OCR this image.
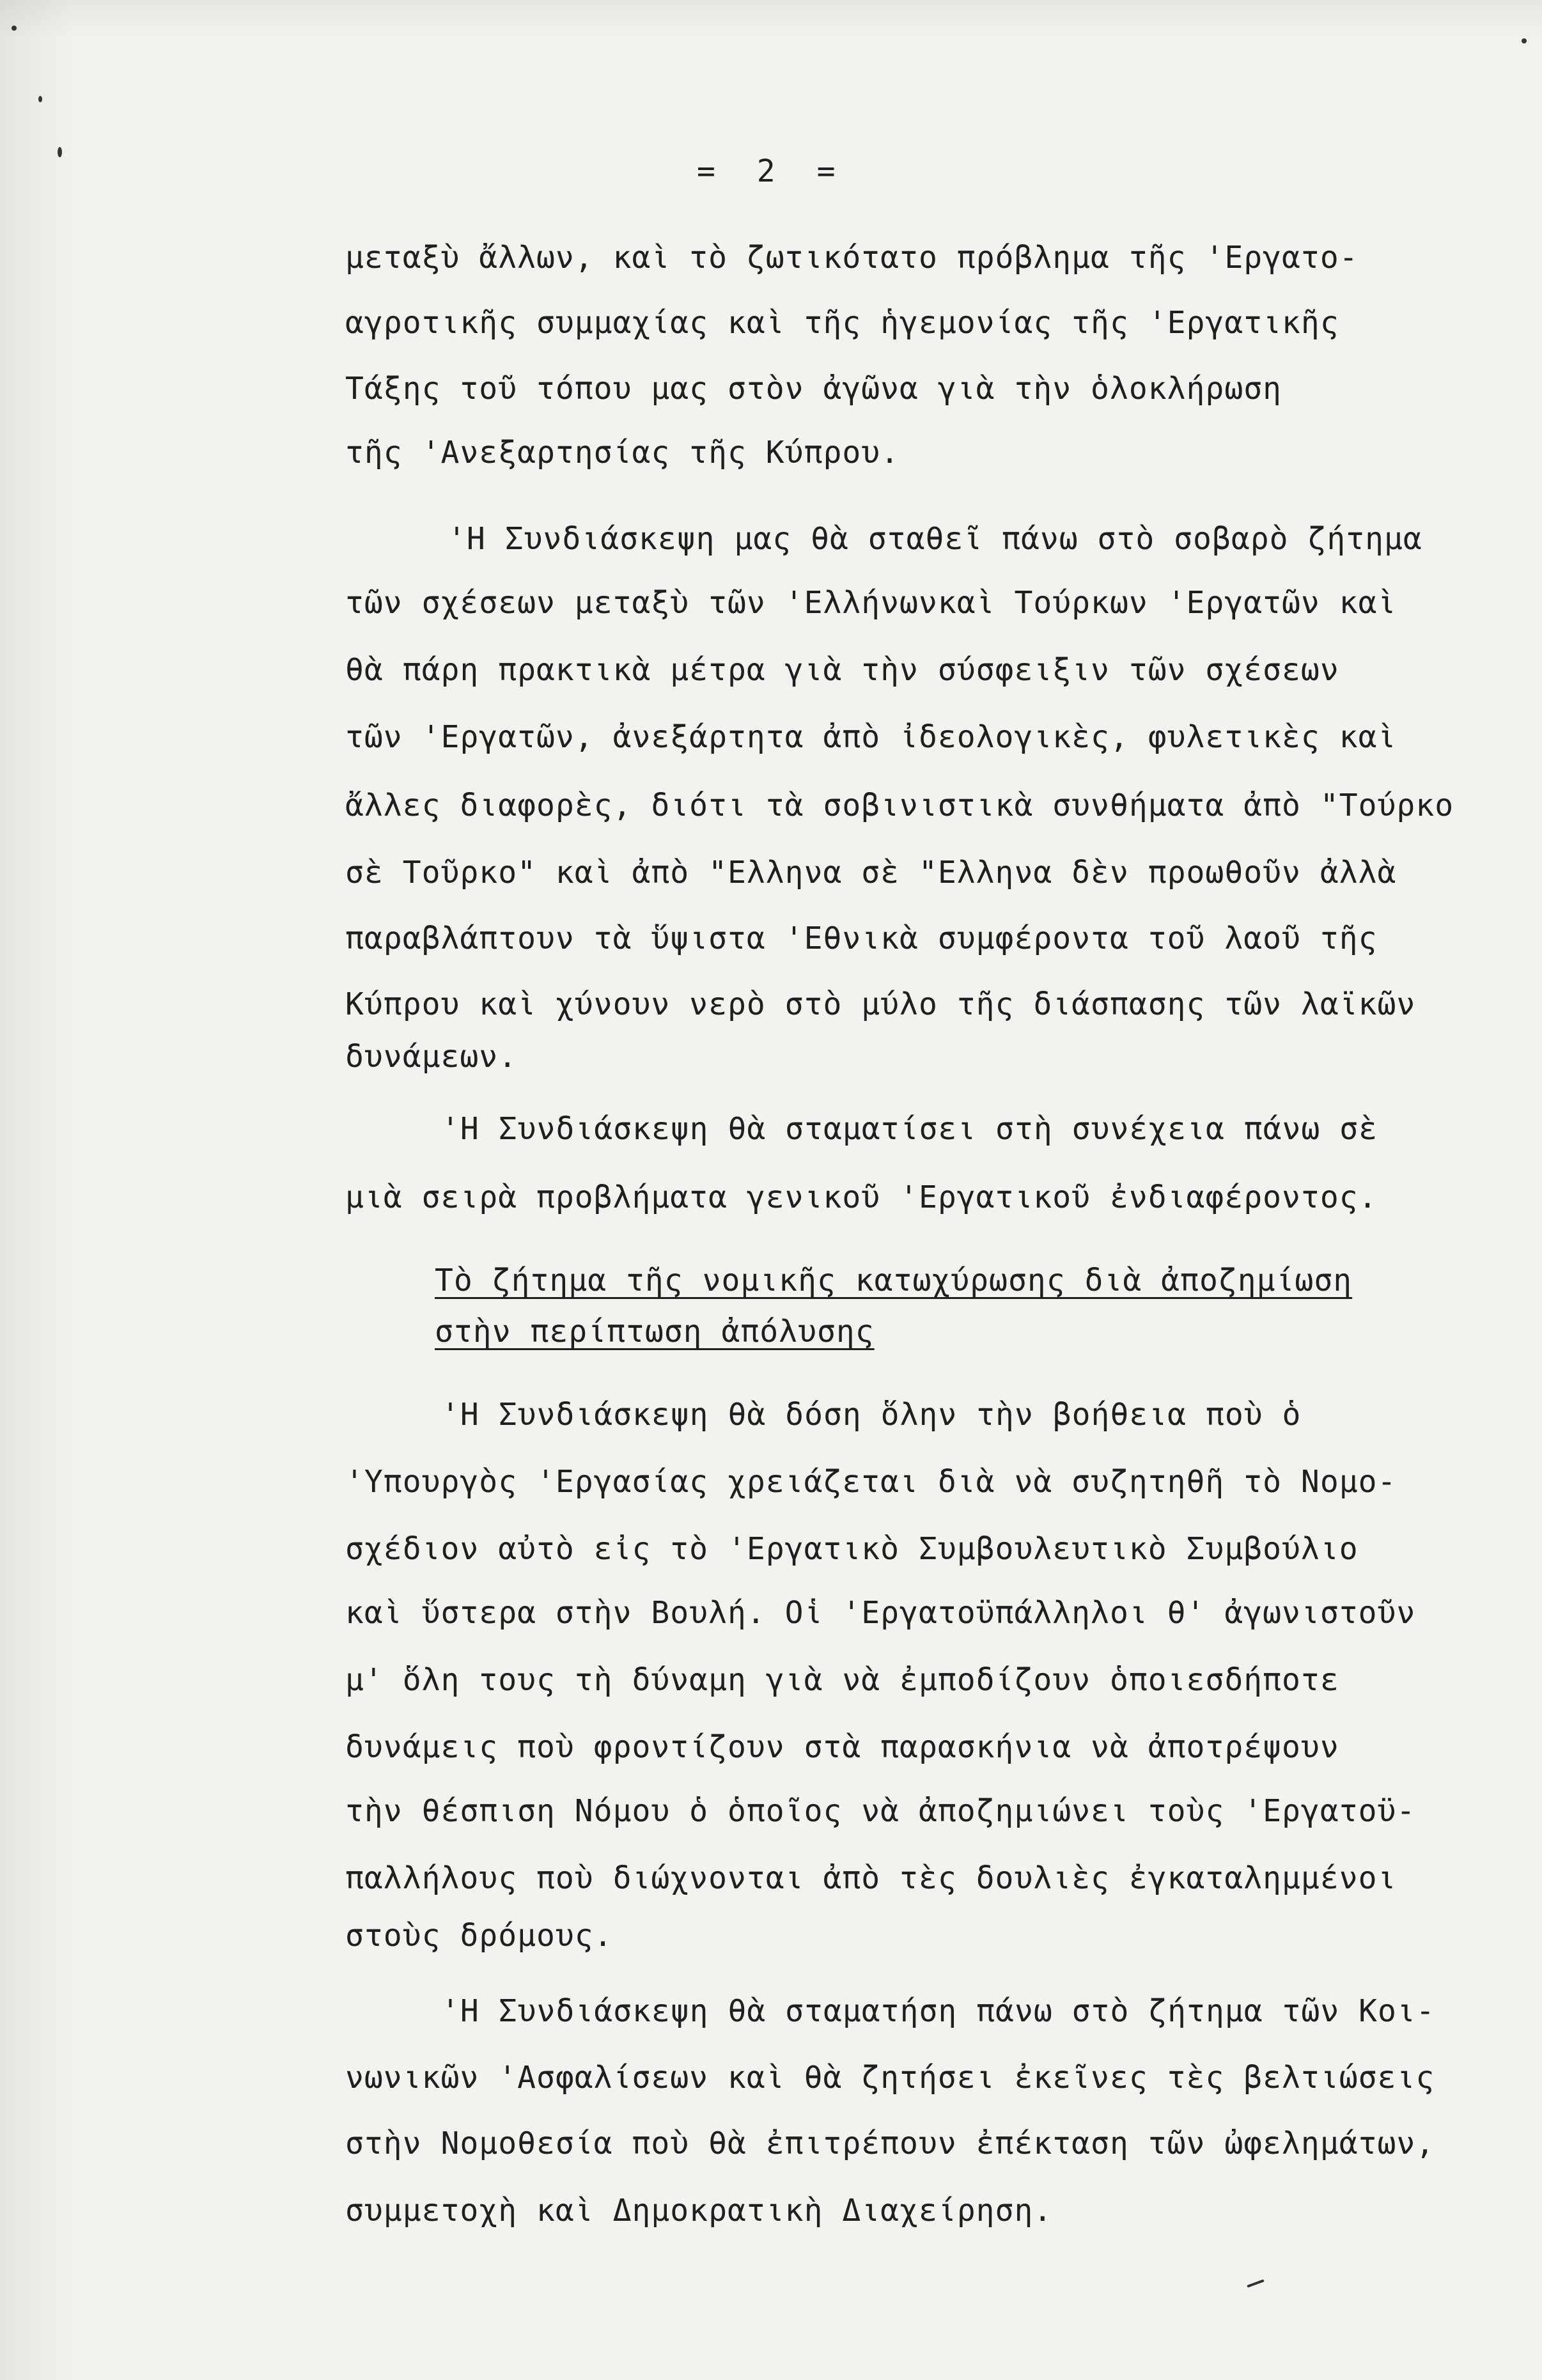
= 2 =
μεταξὺ ἄλλων, καὶ τὸ ζωτικότατο πρόβλημα τῆς 'Εργατο-
αγροτικῆς συμμαχίας καὶ τῆς ἡγεμονίας τῆς 'Εργατικῆς
Τάξης τοῦ τόπου μας στὸν ἀγῶνα γιὰ τὴν ὁλοκλήρωση
τῆς 'Ανεξαρτησίας τῆς Κύπρου.
'Η Συνδιάσκεψη μας θὰ σταθεῖ πάνω στὸ σοβαρὸ ζήτημα
τῶν σχέσεων μεταξὺ τῶν 'Ελλήνωνκαὶ Τούρκων 'Εργατῶν καὶ
θὰ πάρη πρακτικὰ μέτρα γιὰ τὴν σύσφειξιν τῶν σχέσεων
τῶν 'Εργατῶν, ἀνεξάρτητα ἀπὸ ἰδεολογικὲς, φυλετικὲς καὶ
ἄλλες διαφορὲς, διότι τὰ σοβινιστικὰ συνθήματα ἀπὸ "Τούρκο
σὲ Τοῦρκο" καὶ ἀπὸ "Ελληνα σὲ "Ελληνα δὲν προωθοῦν ἀλλὰ
παραβλάπτουν τὰ ὕψιστα 'Εθνικὰ συμφέροντα τοῦ λαοῦ τῆς
Κύπρου καὶ χύνουν νερὸ στὸ μύλο τῆς διάσπασης τῶν λαϊκῶν
δυνάμεων.
'Η Συνδιάσκεψη θὰ σταματίσει στὴ συνέχεια πάνω σὲ
μιὰ σειρὰ προβλήματα γενικοῦ 'Εργατικοῦ ἐνδιαφέροντος.
Τὸ ζήτημα τῆς νομικῆς κατωχύρωσης διὰ ἀποζημίωση
στὴν περίπτωση ἀπόλυσης
'Η Συνδιάσκεψη θὰ δόση ὅλην τὴν βοήθεια ποὺ ὁ
'Υπουργὸς 'Εργασίας χρειάζεται διὰ νὰ συζητηθῆ τὸ Νομο-
σχέδιον αὐτὸ εἰς τὸ 'Εργατικὸ Συμβουλευτικὸ Συμβούλιο
καὶ ὕστερα στὴν Βουλή. Οἱ 'Εργατοϋπάλληλοι θ' ἀγωνιστοῦν
μ' ὅλη τους τὴ δύναμη γιὰ νὰ ἐμποδίζουν ὁποιεσδήποτε
δυνάμεις ποὺ φροντίζουν στὰ παρασκήνια νὰ ἀποτρέψουν
τὴν θέσπιση Νόμου ὁ ὁποῖος νὰ ἀποζημιώνει τοὺς 'Εργατοϋ-
παλλήλους ποὺ διώχνονται ἀπὸ τὲς δουλιὲς ἐγκαταλημμένοι
στοὺς δρόμους.
'Η Συνδιάσκεψη θὰ σταματήση πάνω στὸ ζήτημα τῶν Κοι-
νωνικῶν 'Ασφαλίσεων καὶ θὰ ζητήσει ἐκεῖνες τὲς βελτιώσεις
στὴν Νομοθεσία ποὺ θὰ ἐπιτρέπουν ἐπέκταση τῶν ὠφελημάτων,
συμμετοχὴ καὶ Δημοκρατικὴ Διαχείρηση.
